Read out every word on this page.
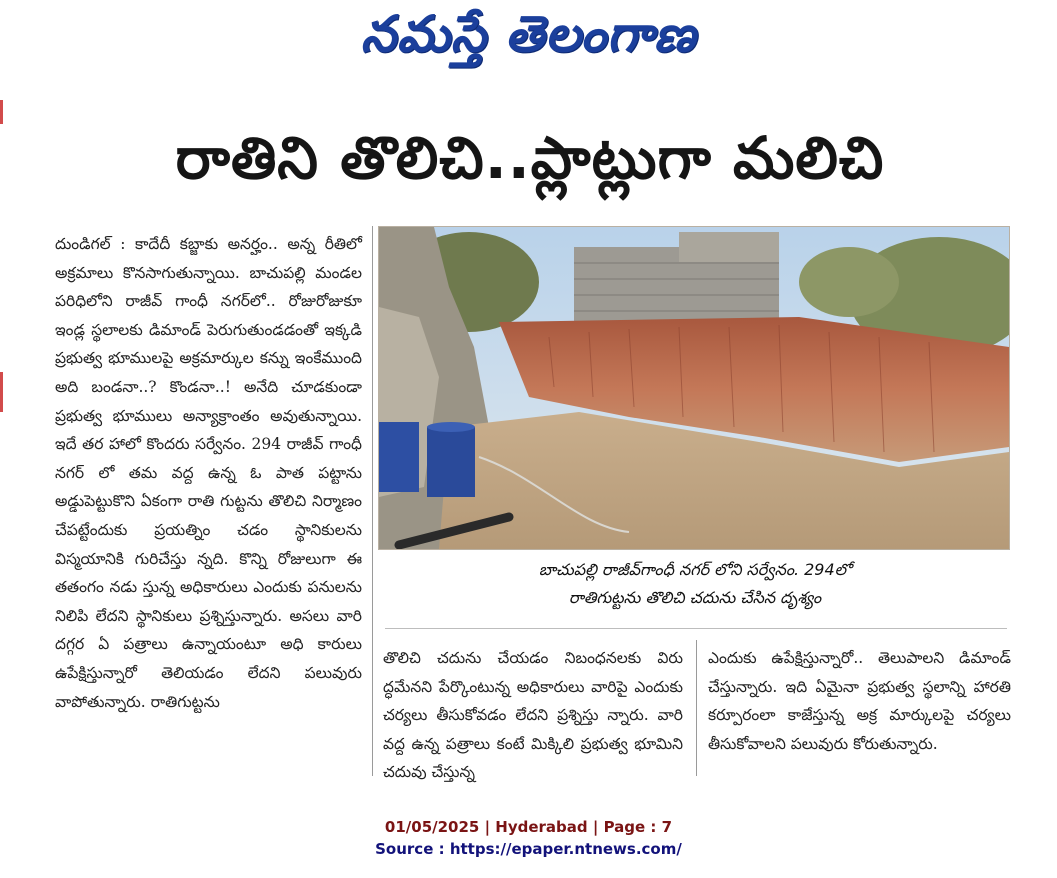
నమస్తే తెలంగాణ
రాతిని తొలిచి..ప్లాట్లుగా మలిచి
దుండిగల్ : కాదేదీ కబ్జాకు అనర్హం.. అన్న రీతిలో అక్రమాలు కొనసాగుతున్నాయి. బాచుపల్లి మండల పరిధిలోని రాజీవ్ గాంధీ నగర్‌లో.. రోజురోజుకూ ఇండ్ల స్థలాలకు డిమాండ్ పెరుగుతుండడంతో ఇక్కడి ప్రభుత్వ భూములపై అక్రమార్కుల కన్ను ఇంకేముంది అది బండనా..? కొండనా..! అనేది చూడకుండా ప్రభుత్వ భూములు అన్యాక్రాంతం అవుతున్నాయి. ఇదే తర హాలో కొందరు సర్వేనం. 294 రాజీవ్ గాంధీ నగర్ లో తమ వద్ద ఉన్న ఓ పాత పట్టాను అడ్డుపెట్టుకొని ఏకంగా రాతి గుట్టను తొలిచి నిర్మాణం చేపట్టేందుకు ప్రయత్నిం చడం స్థానికులను విస్మయానికి గురిచేస్తు న్నది. కొన్ని రోజులుగా ఈ తతంగం నడు స్తున్న అధికారులు ఎందుకు పనులను నిలిపి లేదని స్థానికులు ప్రశ్నిస్తున్నారు. అసలు వారి దగ్గర ఏ పత్రాలు ఉన్నాయంటూ అధి కారులు ఉపేక్షిస్తున్నారో తెలియడం లేదని పలువురు వాపోతున్నారు. రాతిగుట్టను
బాచుపల్లి రాజీవ్‌గాంధీ నగర్ లోని సర్వేనం. 294లో
రాతిగుట్టను తొలిచి చదును చేసిన దృశ్యం
తొలిచి చదును చేయడం నిబంధనలకు విరు ద్ధమేనని పేర్కొంటున్న అధికారులు వారిపై ఎందుకు చర్యలు తీసుకోవడం లేదని ప్రశ్నిస్తు న్నారు. వారి వద్ద ఉన్న పత్రాలు కంటే మిక్కిలి ప్రభుత్వ భూమిని చదువు చేస్తున్న
ఎందుకు ఉపేక్షిస్తున్నారో.. తెలుపాలని డిమాండ్ చేస్తున్నారు. ఇది ఏమైనా ప్రభుత్వ స్థలాన్ని హారతి కర్పూరంలా కాజేస్తున్న అక్ర మార్కులపై చర్యలు తీసుకోవాలని పలువురు కోరుతున్నారు.
01/05/2025 | Hyderabad | Page : 7
Source : https://epaper.ntnews.com/
